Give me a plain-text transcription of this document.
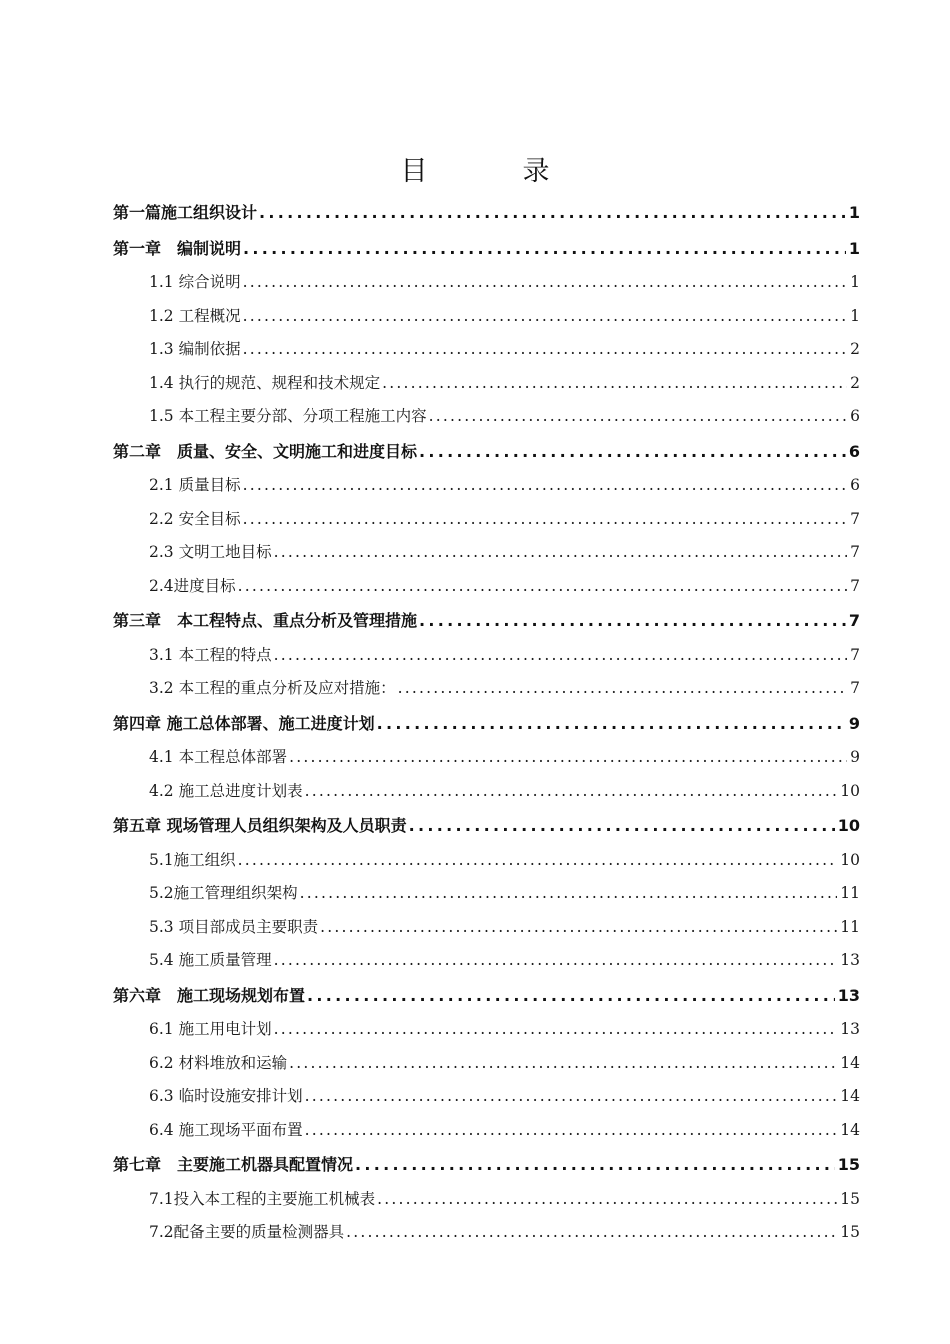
目　录
第一篇施工组织设计 .....	1
第一章　编制说明 .....	1
1.1 综合说明 .....	1
1.2 工程概况 .....	1
1.3 编制依据 .....	2
1.4 执行的规范、规程和技术规定 .....	2
1.5 本工程主要分部、分项工程施工内容 .....	6
第二章　质量、安全、文明施工和进度目标 .....	6
2.1 质量目标 .....	6
2.2 安全目标 .....	7
2.3 文明工地目标 .....	7
2.4进度目标 .....	7
第三章　本工程特点、重点分析及管理措施 .....	7
3.1 本工程的特点 .....	7
3.2 本工程的重点分析及应对措施： .....	7
第四章 施工总体部署、施工进度计划 .....	9
4.1 本工程总体部署 .....	9
4.2 施工总进度计划表 .....	10
第五章 现场管理人员组织架构及人员职责 .....	10
5.1施工组织 .....	10
5.2施工管理组织架构 .....	11
5.3 项目部成员主要职责 .....	11
5.4 施工质量管理 .....	13
第六章　施工现场规划布置 .....	13
6.1 施工用电计划 .....	13
6.2 材料堆放和运输 .....	14
6.3 临时设施安排计划 .....	14
6.4 施工现场平面布置 .....	14
第七章　主要施工机器具配置情况 .....	15
7.1投入本工程的主要施工机械表 .....	15
7.2配备主要的质量检测器具 .....	15
